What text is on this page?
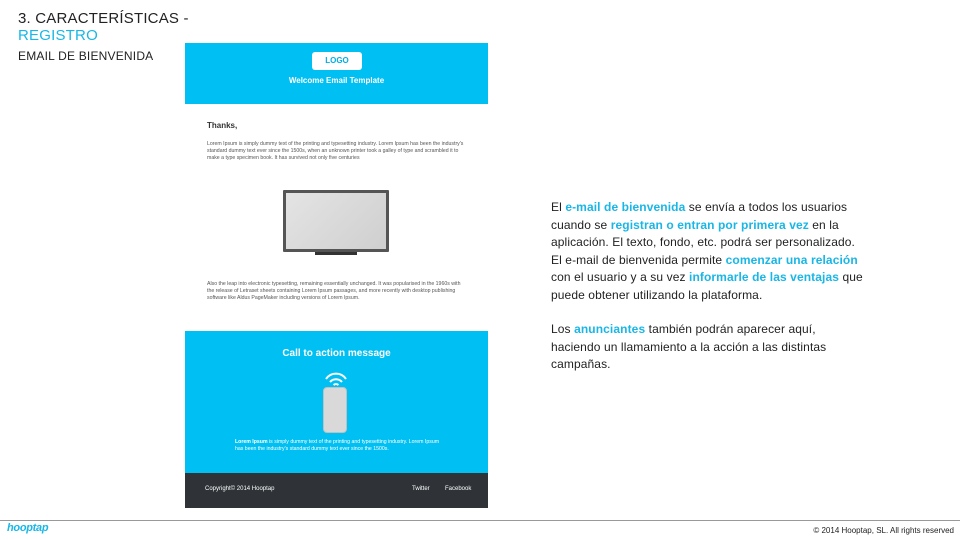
3. CARACTERÍSTICAS -
REGISTRO
EMAIL DE BIENVENIDA	LOGO
Welcome Email Template
Thanks,
Lorem Ipsum is simply dummy text of the printing and typesetting industry. Lorem Ipsum has been the industry's standard dummy text ever since the 1500s, when an unknown printer took a galley of type and scrambled it to make a type specimen book. It has survived not only five centuries
Also the leap into electronic typesetting, remaining essentially unchanged. It was popularised in the 1960s with the release of Letraset sheets containing Lorem Ipsum passages, and more recently with desktop publishing software like Aldus PageMaker including versions of Lorem Ipsum.
Call to action message
Lorem Ipsum is simply dummy text of the printing and typesetting industry. Lorem Ipsum has been the industry's standard dummy text ever since the 1500s.
Copyright© 2014 Hooptap	Twitter	Facebook

El e-mail de bienvenida se envía a todos los usuarios cuando se registran o entran por primera vez en la aplicación. El texto, fondo, etc. podrá ser personalizado. El e-mail de bienvenida permite comenzar una relación con el usuario y a su vez informarle de las ventajas que puede obtener utilizando la plataforma.

Los anunciantes también podrán aparecer aquí, haciendo un llamamiento a la acción a las distintas campañas.

hooptap	© 2014 Hooptap, SL. All rights reserved
